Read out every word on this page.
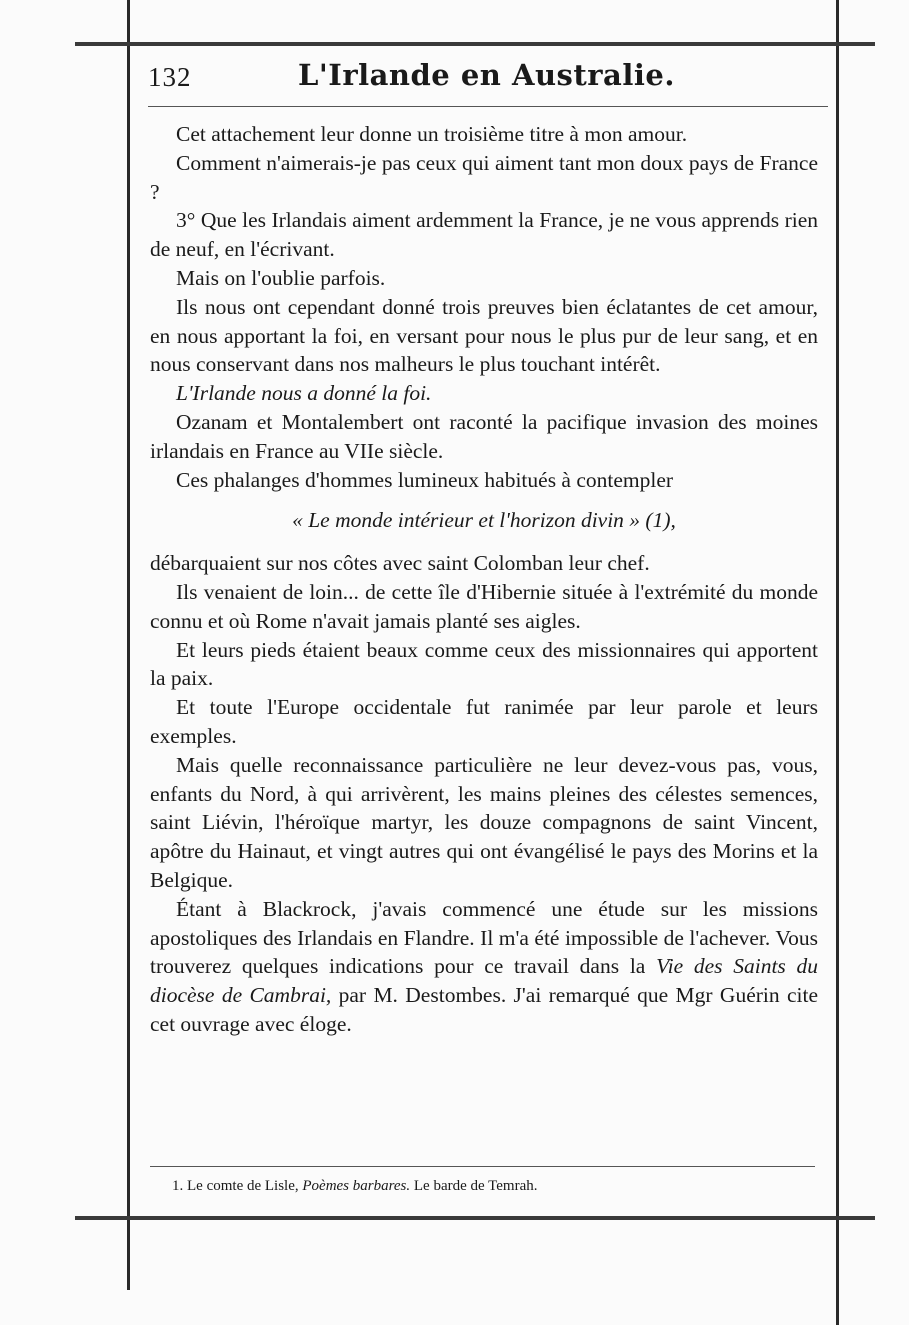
132	L'Irlande en Australie.

Cet attachement leur donne un troisième titre à mon amour.

Comment n'aimerais-je pas ceux qui aiment tant mon doux pays de France ?

3° Que les Irlandais aiment ardemment la France, je ne vous apprends rien de neuf, en l'écrivant.

Mais on l'oublie parfois.

Ils nous ont cependant donné trois preuves bien éclatantes de cet amour, en nous apportant la foi, en versant pour nous le plus pur de leur sang, et en nous conservant dans nos malheurs le plus touchant intérêt.

L'Irlande nous a donné la foi.

Ozanam et Montalembert ont raconté la pacifique invasion des moines irlandais en France au VIIe siècle.

Ces phalanges d'hommes lumineux habitués à contempler

« Le monde intérieur et l'horizon divin » (1),

débarquaient sur nos côtes avec saint Colomban leur chef.

Ils venaient de loin... de cette île d'Hibernie située à l'extrémité du monde connu et où Rome n'avait jamais planté ses aigles.

Et leurs pieds étaient beaux comme ceux des missionnaires qui apportent la paix.

Et toute l'Europe occidentale fut ranimée par leur parole et leurs exemples.

Mais quelle reconnaissance particulière ne leur devez-vous pas, vous, enfants du Nord, à qui arrivèrent, les mains pleines des célestes semences, saint Liévin, l'héroïque martyr, les douze compagnons de saint Vincent, apôtre du Hainaut, et vingt autres qui ont évangélisé le pays des Morins et la Belgique.

Étant à Blackrock, j'avais commencé une étude sur les missions apostoliques des Irlandais en Flandre. Il m'a été impossible de l'achever. Vous trouverez quelques indications pour ce travail dans la Vie des Saints du diocèse de Cambrai, par M. Destombes. J'ai remarqué que Mgr Guérin cite cet ouvrage avec éloge.

1. Le comte de Lisle, Poèmes barbares. Le barde de Temrah.
